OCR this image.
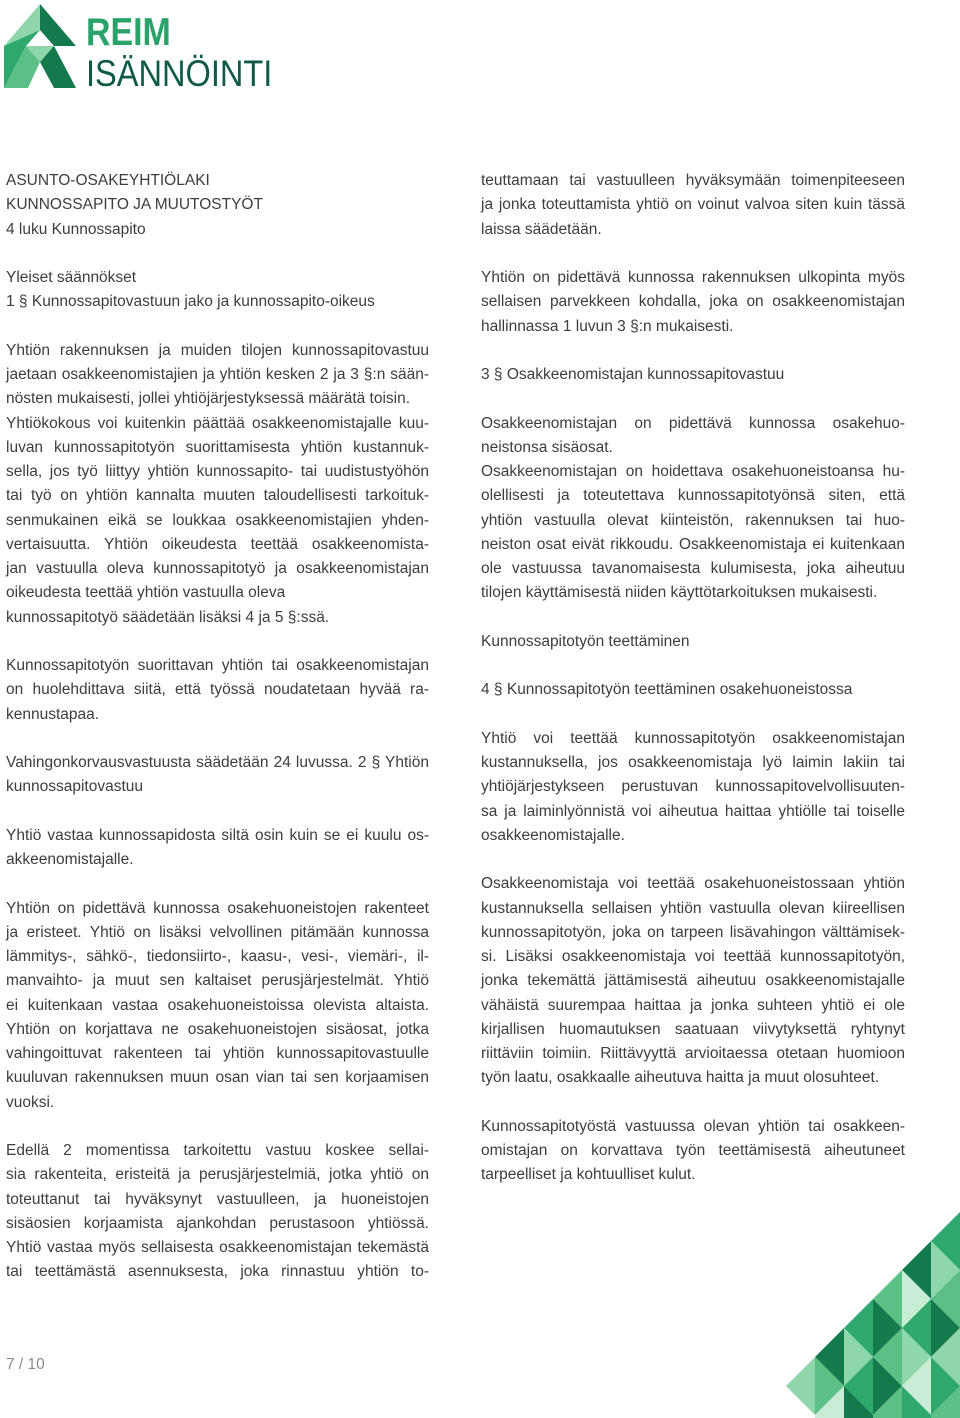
REIM
ISÄNNÖINTI
ASUNTO-OSAKEYHTIÖLAKI
KUNNOSSAPITO JA MUUTOSTYÖT
4 luku Kunnossapito
Yleiset säännökset
1 § Kunnossapitovastuun jako ja kunnossapito-oikeus
Yhtiön rakennuksen ja muiden tilojen kunnossapitovastuu
jaetaan osakkeenomistajien ja yhtiön kesken 2 ja 3 §:n sään-
nösten mukaisesti, jollei yhtiöjärjestyksessä määrätä toisin.
Yhtiökokous voi kuitenkin päättää osakkeenomistajalle kuu-
luvan kunnossapitotyön suorittamisesta yhtiön kustannuk-
sella, jos työ liittyy yhtiön kunnossapito- tai uudistustyöhön
tai työ on yhtiön kannalta muuten taloudellisesti tarkoituk-
senmukainen eikä se loukkaa osakkeenomistajien yhden-
vertaisuutta. Yhtiön oikeudesta teettää osakkeenomista-
jan vastuulla oleva kunnossapitotyö ja osakkeenomistajan
oikeudesta teettää yhtiön vastuulla oleva
kunnossapitotyö säädetään lisäksi 4 ja 5 §:ssä.
Kunnossapitotyön suorittavan yhtiön tai osakkeenomistajan
on huolehdittava siitä, että työssä noudatetaan hyvää ra-
kennustapaa.
Vahingonkorvausvastuusta säädetään 24 luvussa. 2 § Yhtiön
kunnossapitovastuu
Yhtiö vastaa kunnossapidosta siltä osin kuin se ei kuulu os-
akkeenomistajalle.
Yhtiön on pidettävä kunnossa osakehuoneistojen rakenteet
ja eristeet. Yhtiö on lisäksi velvollinen pitämään kunnossa
lämmitys-, sähkö-, tiedonsiirto-, kaasu-, vesi-, viemäri-, il-
manvaihto- ja muut sen kaltaiset perusjärjestelmät. Yhtiö
ei kuitenkaan vastaa osakehuoneistoissa olevista altaista.
Yhtiön on korjattava ne osakehuoneistojen sisäosat, jotka
vahingoittuvat rakenteen tai yhtiön kunnossapitovastuulle
kuuluvan rakennuksen muun osan vian tai sen korjaamisen
vuoksi.
Edellä 2 momentissa tarkoitettu vastuu koskee sellai-
sia rakenteita, eristeitä ja perusjärjestelmiä, jotka yhtiö on
toteuttanut tai hyväksynyt vastuulleen, ja huoneistojen
sisäosien korjaamista ajankohdan perustasoon yhtiössä.
Yhtiö vastaa myös sellaisesta osakkeenomistajan tekemästä
tai teettämästä asennuksesta, joka rinnastuu yhtiön to-
teuttamaan tai vastuulleen hyväksymään toimenpiteeseen
ja jonka toteuttamista yhtiö on voinut valvoa siten kuin tässä
laissa säädetään.
Yhtiön on pidettävä kunnossa rakennuksen ulkopinta myös
sellaisen parvekkeen kohdalla, joka on osakkeenomistajan
hallinnassa 1 luvun 3 §:n mukaisesti.
3 § Osakkeenomistajan kunnossapitovastuu
Osakkeenomistajan on pidettävä kunnossa osakehuo-
neistonsa sisäosat.
Osakkeenomistajan on hoidettava osakehuoneistoansa hu-
olellisesti ja toteutettava kunnossapitotyönsä siten, että
yhtiön vastuulla olevat kiinteistön, rakennuksen tai huo-
neiston osat eivät rikkoudu. Osakkeenomistaja ei kuitenkaan
ole vastuussa tavanomaisesta kulumisesta, joka aiheutuu
tilojen käyttämisestä niiden käyttötarkoituksen mukaisesti.
Kunnossapitotyön teettäminen
4 § Kunnossapitotyön teettäminen osakehuoneistossa
Yhtiö voi teettää kunnossapitotyön osakkeenomistajan
kustannuksella, jos osakkeenomistaja lyö laimin lakiin tai
yhtiöjärjestykseen perustuvan kunnossapitovelvollisuuten-
sa ja laiminlyönnistä voi aiheutua haittaa yhtiölle tai toiselle
osakkeenomistajalle.
Osakkeenomistaja voi teettää osakehuoneistossaan yhtiön
kustannuksella sellaisen yhtiön vastuulla olevan kiireellisen
kunnossapitotyön, joka on tarpeen lisävahingon välttämisek-
si. Lisäksi osakkeenomistaja voi teettää kunnossapitotyön,
jonka tekemättä jättämisestä aiheutuu osakkeenomistajalle
vähäistä suurempaa haittaa ja jonka suhteen yhtiö ei ole
kirjallisen huomautuksen saatuaan viivytyksettä ryhtynyt
riittäviin toimiin. Riittävyyttä arvioitaessa otetaan huomioon
työn laatu, osakkaalle aiheutuva haitta ja muut olosuhteet.
Kunnossapitotyöstä vastuussa olevan yhtiön tai osakkeen-
omistajan on korvattava työn teettämisestä aiheutuneet
tarpeelliset ja kohtuulliset kulut.
7 / 10
